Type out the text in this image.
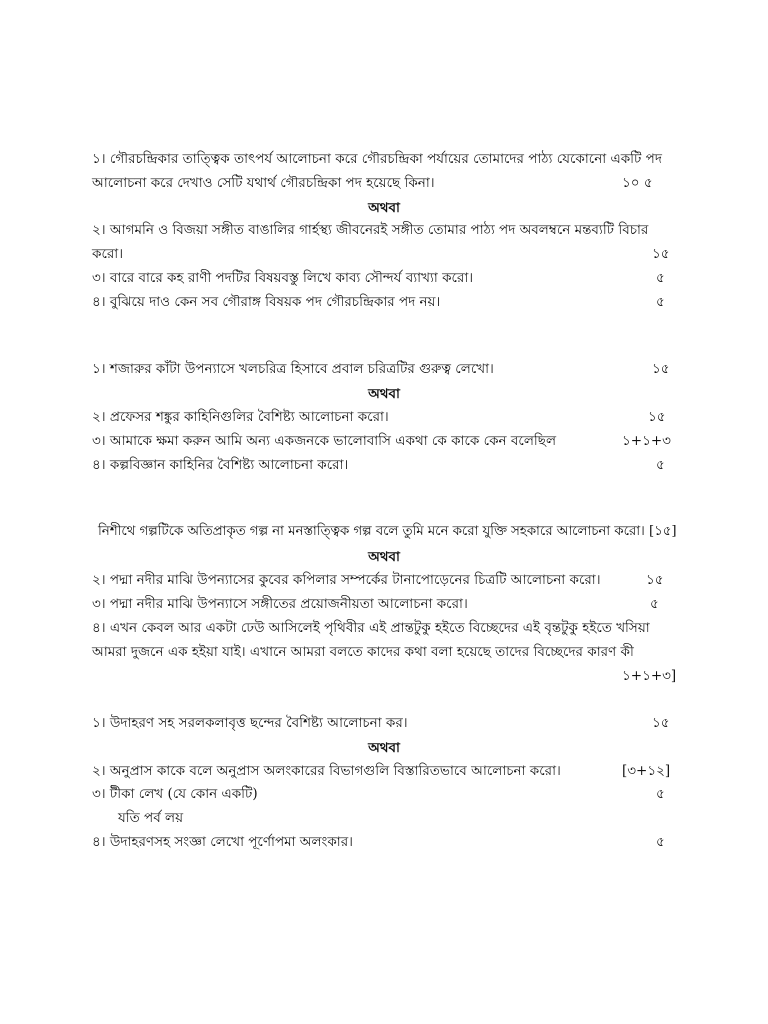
১। গৌরচন্দ্রিকার তাত্ত্বিক তাৎপর্য আলোচনা করে গৌরচন্দ্রিকা পর্যায়ের তোমাদের পাঠ্য যেকোনো একটি পদ
আলোচনা করে দেখাও সেটি যথার্থ গৌরচন্দ্রিকা পদ হয়েছে কিনা।	১০ ৫
অথবা
২। আগমনি ও বিজয়া সঙ্গীত বাঙালির গার্হস্থ্য জীবনেরই সঙ্গীত তোমার পাঠ্য পদ অবলম্বনে মন্তব্যটি বিচার
করো।	১৫
৩। বারে বারে কহ রাণী পদটির বিষয়বস্তু লিখে কাব্য সৌন্দর্য ব্যাখ্যা করো।	৫
৪। বুঝিয়ে দাও কেন সব গৌরাঙ্গ বিষয়ক পদ গৌরচন্দ্রিকার পদ নয়।	৫
১। শজারুর কাঁটা উপন্যাসে খলচরিত্র হিসাবে প্রবাল চরিত্রটির গুরুত্ব লেখো।	১৫
অথবা
২। প্রফেসর শঙ্কুর কাহিনিগুলির বৈশিষ্ট্য আলোচনা করো।	১৫
৩। আমাকে ক্ষমা করুন আমি অন্য একজনকে ভালোবাসি একথা কে কাকে কেন বলেছিল	১+১+৩
৪। কল্পবিজ্ঞান কাহিনির বৈশিষ্ট্য আলোচনা করো।	৫
নিশীথে গল্পটিকে অতিপ্রাকৃত গল্প না মনস্তাত্ত্বিক গল্প বলে তুমি মনে করো যুক্তি সহকারে আলোচনা করো। [১৫]
অথবা
২। পদ্মা নদীর মাঝি উপন্যাসের কুবের কপিলার সম্পর্কের টানাপোড়েনের চিত্রটি আলোচনা করো।	১৫
৩। পদ্মা নদীর মাঝি উপন্যাসে সঙ্গীতের প্রয়োজনীয়তা আলোচনা করো।	৫
৪। এখন কেবল আর একটা ঢেউ আসিলেই পৃথিবীর এই প্রান্তটুকু হইতে বিচ্ছেদের এই বৃন্তটুকু হইতে খসিয়া
আমরা দুজনে এক হইয়া যাই। এখানে আমরা বলতে কাদের কথা বলা হয়েছে তাদের বিচ্ছেদের কারণ কী
১+১+৩]
১। উদাহরণ সহ সরলকলাবৃত্ত ছন্দের বৈশিষ্ট্য আলোচনা কর।	১৫
অথবা
২। অনুপ্রাস কাকে বলে অনুপ্রাস অলংকারের বিভাগগুলি বিস্তারিতভাবে আলোচনা করো।	[৩+১২]
৩। টীকা লেখ (যে কোন একটি)	৫
যতি পর্ব লয়
৪। উদাহরণসহ সংজ্ঞা লেখো পূর্ণোপমা অলংকার।	৫
